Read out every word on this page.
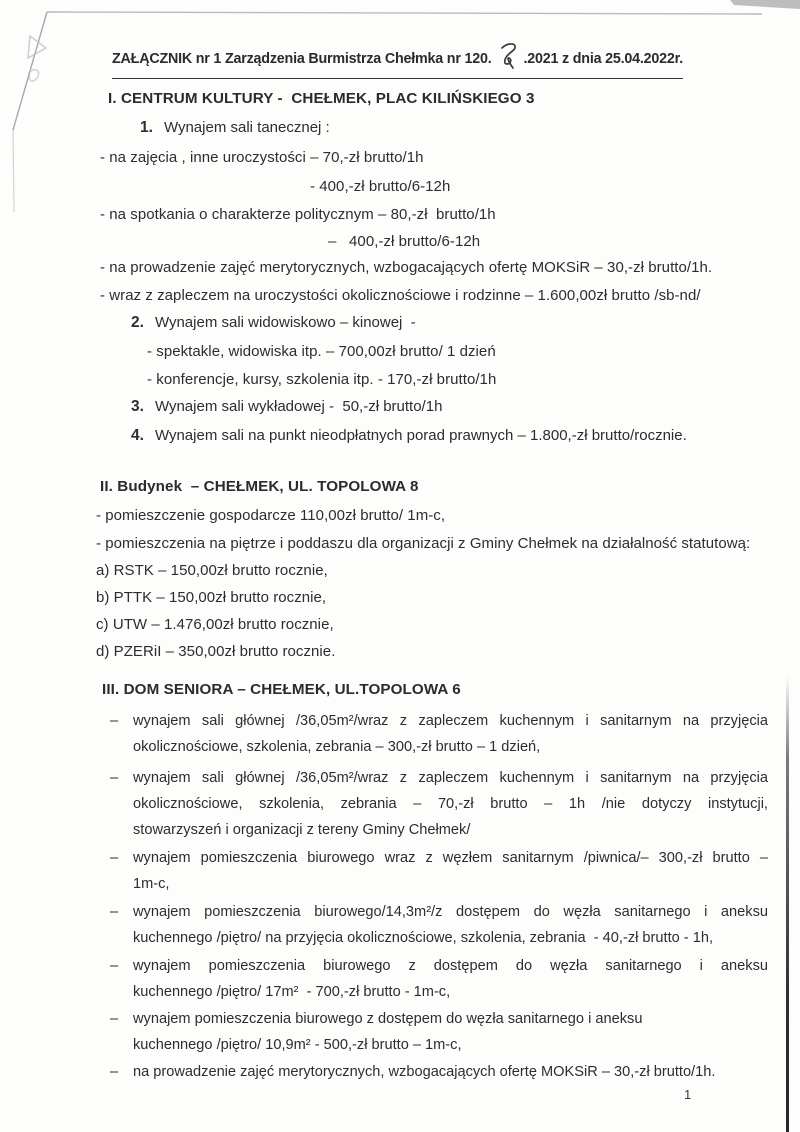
ZAŁĄCZNIK nr 1 Zarządzenia Burmistrza Chełmka nr 120. .2021 z dnia 25.04.2022r.
I. CENTRUM KULTURY -  CHEŁMEK, PLAC KILIŃSKIEGO 3
1. Wynajem sali tanecznej :
- na zajęcia , inne uroczystości – 70,-zł brutto/1h
- 400,-zł brutto/6-12h
- na spotkania o charakterze politycznym – 80,-zł  brutto/1h
–   400,-zł brutto/6-12h
- na prowadzenie zajęć merytorycznych, wzbogacających ofertę MOKSiR – 30,-zł brutto/1h.
- wraz z zapleczem na uroczystości okolicznościowe i rodzinne – 1.600,00zł brutto /sb-nd/
2. Wynajem sali widowiskowo – kinowej  -
- spektakle, widowiska itp. – 700,00zł brutto/ 1 dzień
- konferencje, kursy, szkolenia itp. - 170,-zł brutto/1h
3. Wynajem sali wykładowej -  50,-zł brutto/1h
4. Wynajem sali na punkt nieodpłatnych porad prawnych – 1.800,-zł brutto/rocznie.
II. Budynek  – CHEŁMEK, UL. TOPOLOWA 8
- pomieszczenie gospodarcze 110,00zł brutto/ 1m-c,
- pomieszczenia na piętrze i poddaszu dla organizacji z Gminy Chełmek na działalność statutową:
a) RSTK – 150,00zł brutto rocznie,
b) PTTK – 150,00zł brutto rocznie,
c) UTW – 1.476,00zł brutto rocznie,
d) PZERiI – 350,00zł brutto rocznie.
III. DOM SENIORA – CHEŁMEK, UL.TOPOLOWA 6
– wynajem sali głównej /36,05m²/wraz z zapleczem kuchennym i sanitarnym na przyjęcia
okolicznościowe, szkolenia, zebrania – 300,-zł brutto – 1 dzień,
– wynajem sali głównej /36,05m²/wraz z zapleczem kuchennym i sanitarnym na przyjęcia
okolicznościowe, szkolenia, zebrania – 70,-zł brutto – 1h /nie dotyczy instytucji,
stowarzyszeń i organizacji z tereny Gminy Chełmek/
– wynajem pomieszczenia biurowego wraz z węzłem sanitarnym /piwnica/– 300,-zł brutto –
1m-c,
– wynajem pomieszczenia biurowego/14,3m²/z dostępem do węzła sanitarnego i aneksu
kuchennego /piętro/ na przyjęcia okolicznościowe, szkolenia, zebrania  - 40,-zł brutto - 1h,
– wynajem pomieszczenia biurowego z dostępem do węzła sanitarnego i aneksu
kuchennego /piętro/ 17m²  - 700,-zł brutto - 1m-c,
– wynajem pomieszczenia biurowego z dostępem do węzła sanitarnego i aneksu
kuchennego /piętro/ 10,9m² - 500,-zł brutto – 1m-c,
– na prowadzenie zajęć merytorycznych, wzbogacających ofertę MOKSiR – 30,-zł brutto/1h.
1
